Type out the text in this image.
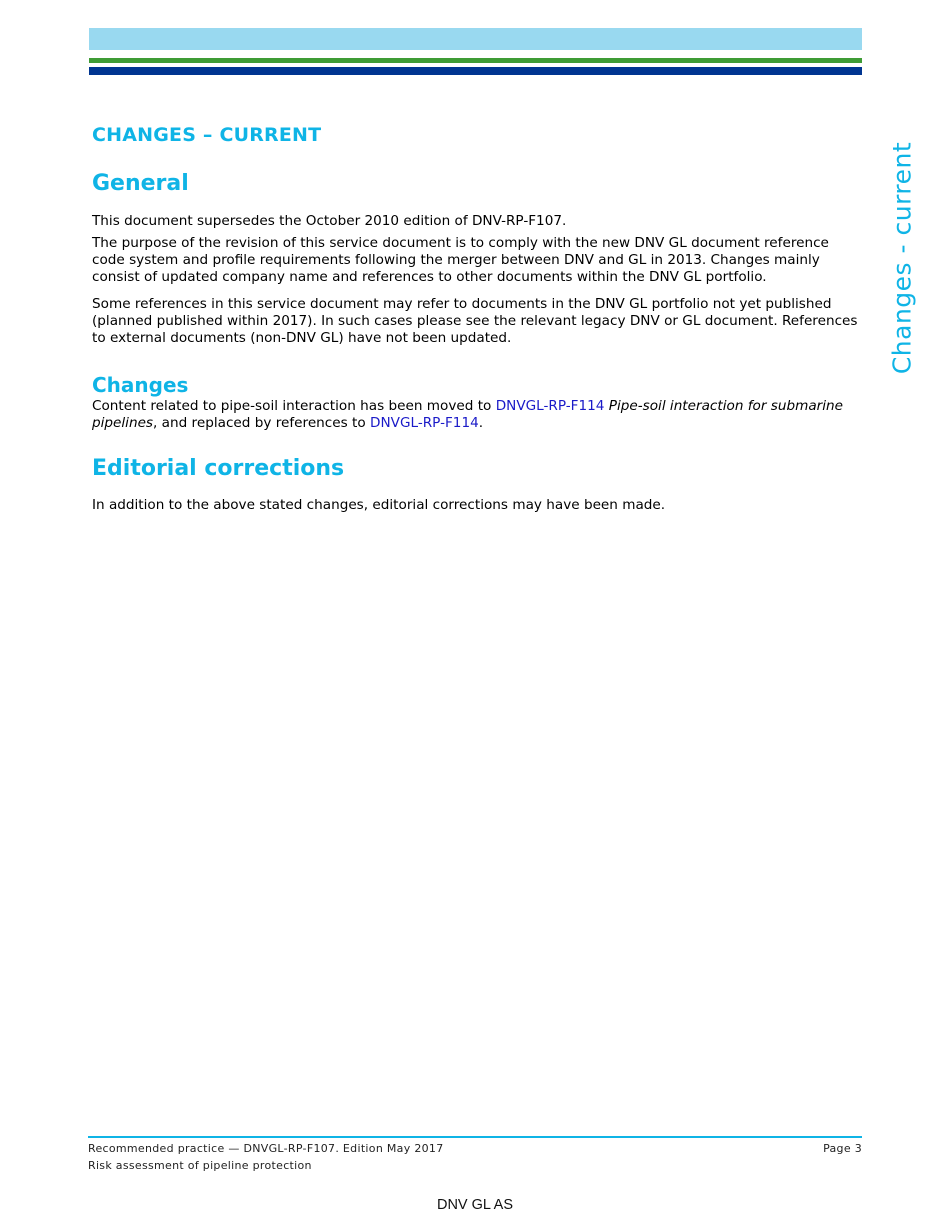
Changes - current
CHANGES – CURRENT
General

This document supersedes the October 2010 edition of DNV-RP-F107.

The purpose of the revision of this service document is to comply with the new DNV GL document reference code system and profile requirements following the merger between DNV and GL in 2013. Changes mainly consist of updated company name and references to other documents within the DNV GL portfolio.

Some references in this service document may refer to documents in the DNV GL portfolio not yet published (planned published within 2017). In such cases please see the relevant legacy DNV or GL document. References to external documents (non-DNV GL) have not been updated.

Changes

Content related to pipe-soil interaction has been moved to DNVGL-RP-F114 Pipe-soil interaction for submarine pipelines, and replaced by references to DNVGL-RP-F114.

Editorial corrections

In addition to the above stated changes, editorial corrections may have been made.

Recommended practice — DNVGL-RP-F107. Edition May 2017
Risk assessment of pipeline protection
Page 3
DNV GL AS
